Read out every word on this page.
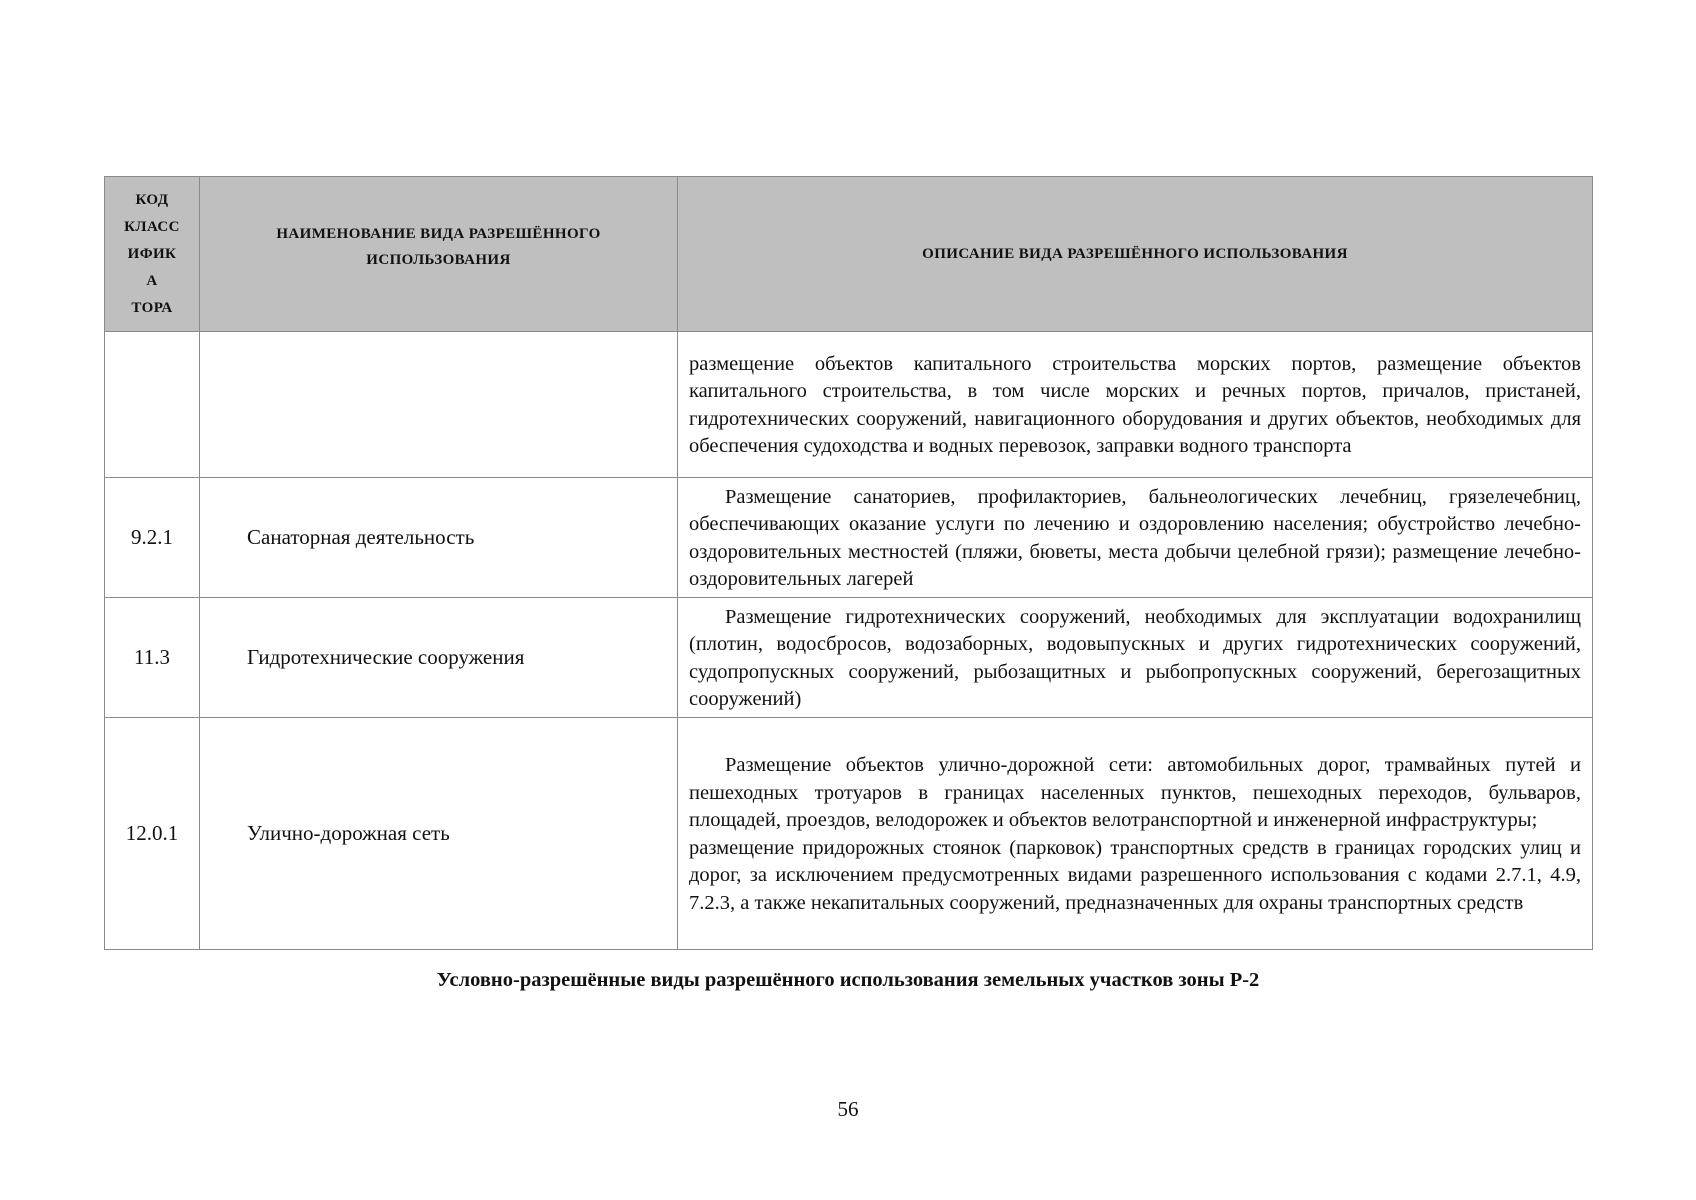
КОД
КЛАСС
ИФИК
А
ТОРА	НАИМЕНОВАНИЕ ВИДА РАЗРЕШЁННОГО
ИСПОЛЬЗОВАНИЯ	ОПИСАНИЕ ВИДА РАЗРЕШЁННОГО ИСПОЛЬЗОВАНИЯ

		размещение объектов капитального строительства морских портов, размещение объектов капитального строительства, в том числе морских и речных портов, причалов, пристаней, гидротехнических сооружений, навигационного оборудования и других объектов, необходимых для обеспечения судоходства и водных перевозок, заправки водного транспорта

9.2.1	Санаторная деятельность	Размещение санаториев, профилакториев, бальнеологических лечебниц, грязелечебниц, обеспечивающих оказание услуги по лечению и оздоровлению населения; обустройство лечебно-оздоровительных местностей (пляжи, бюветы, места добычи целебной грязи); размещение лечебно-оздоровительных лагерей

11.3	Гидротехнические сооружения	Размещение гидротехнических сооружений, необходимых для эксплуатации водохранилищ (плотин, водосбросов, водозаборных, водовыпускных и других гидротехнических сооружений, судопропускных сооружений, рыбозащитных и рыбопропускных сооружений, берегозащитных сооружений)

12.0.1	Улично-дорожная сеть	Размещение объектов улично-дорожной сети: автомобильных дорог, трамвайных путей и пешеходных тротуаров в границах населенных пунктов, пешеходных переходов, бульваров, площадей, проездов, велодорожек и объектов велотранспортной и инженерной инфраструктуры;
размещение придорожных стоянок (парковок) транспортных средств в границах городских улиц и дорог, за исключением предусмотренных видами разрешенного использования с кодами 2.7.1, 4.9, 7.2.3, а также некапитальных сооружений, предназначенных для охраны транспортных средств
Условно-разрешённые виды разрешённого использования земельных участков зоны Р-2
56
